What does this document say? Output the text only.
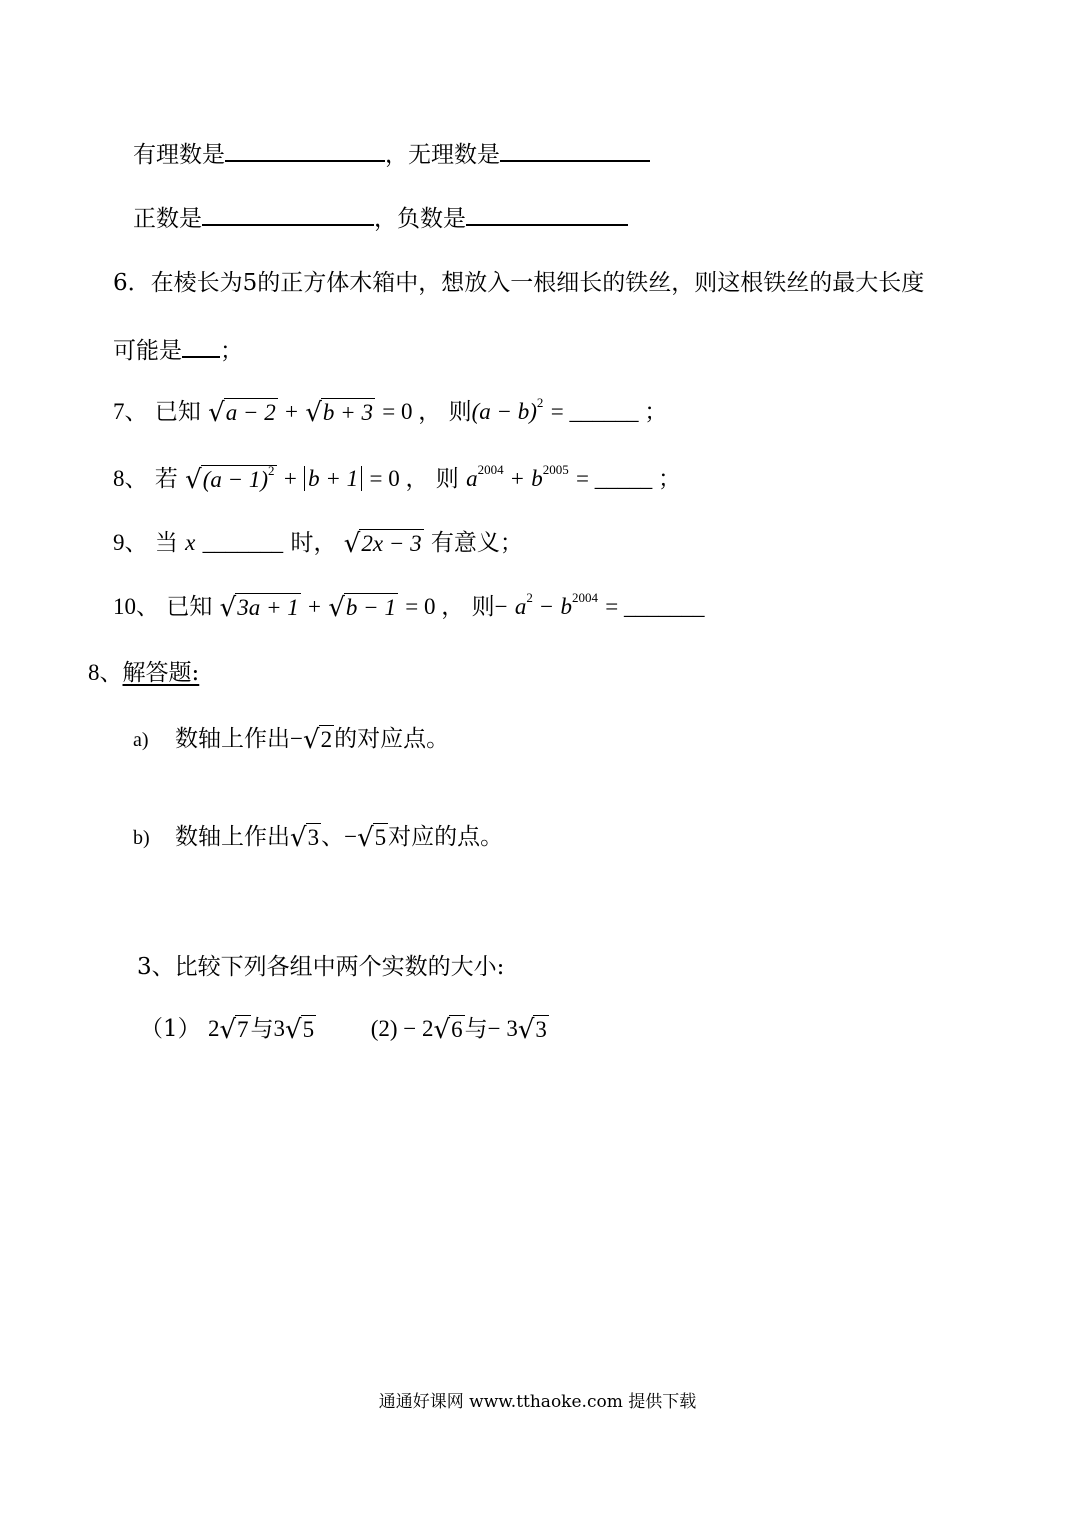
有理数是	，无理数是
正数是	，负数是
6．在棱长为5的正方体木箱中，想放入一根细长的铁丝，则这根铁丝的最大长度
可能是 ；
7、 已知 √ a − 2 + √ b + 3 = 0 ， 则$(a - b)^2$ = ______ ；
8、 若 √ $(a - 1)^2 + b + 1 = 0$ ， 则 $a^{2004} + b^{2005}$ = _____ ；
9、 当 x _______ 时， √ 2x − 3 有意义；
10、 已知 √ 3a + 1 + √ b − 1 = 0 ， 则− $a^2 - b^{2004}$ = _______
8、解答题:
a) 数轴上作出− √ 2 的对应点。
b) 数轴上作出 √ 3 、− √ 5 对应的点。
3、比较下列各组中两个实数的大小:
（1） 2 √ 7 与3 √ 5 (2) − 2 √ 6 与− 3 √ 3
通通好课网 www.tthaoke.com 提供下载
